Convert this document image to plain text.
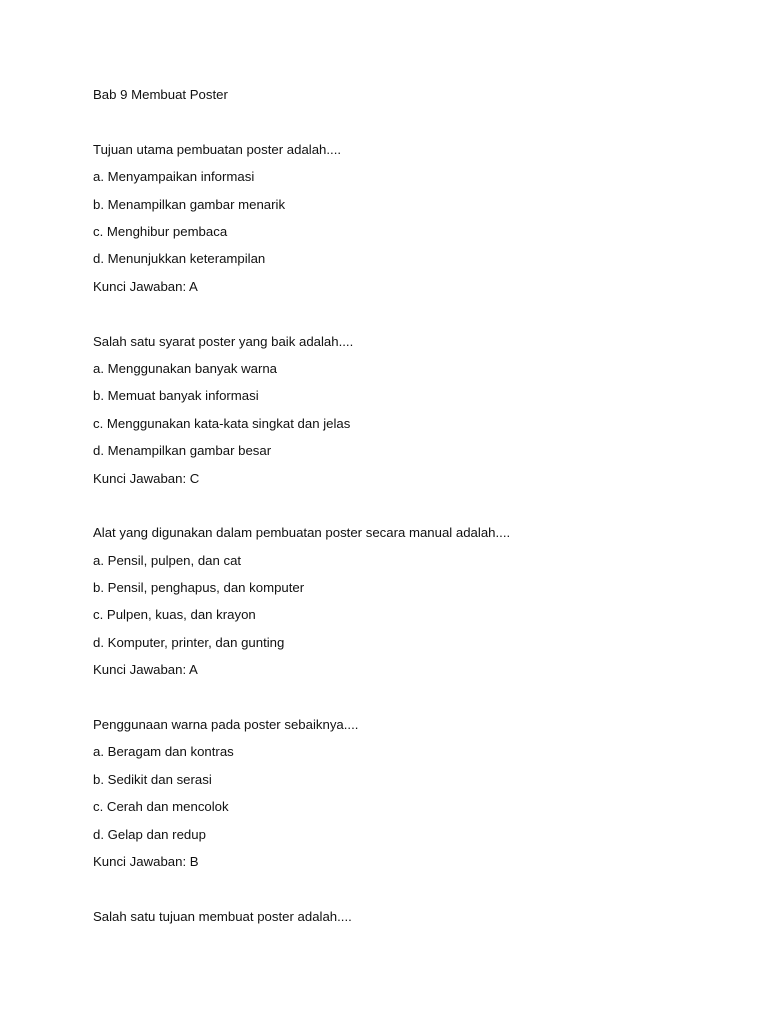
Bab 9 Membuat Poster
Tujuan utama pembuatan poster adalah....
a. Menyampaikan informasi
b. Menampilkan gambar menarik
c. Menghibur pembaca
d. Menunjukkan keterampilan
Kunci Jawaban: A
Salah satu syarat poster yang baik adalah....
a. Menggunakan banyak warna
b. Memuat banyak informasi
c. Menggunakan kata-kata singkat dan jelas
d. Menampilkan gambar besar
Kunci Jawaban: C
Alat yang digunakan dalam pembuatan poster secara manual adalah....
a. Pensil, pulpen, dan cat
b. Pensil, penghapus, dan komputer
c. Pulpen, kuas, dan krayon
d. Komputer, printer, dan gunting
Kunci Jawaban: A
Penggunaan warna pada poster sebaiknya....
a. Beragam dan kontras
b. Sedikit dan serasi
c. Cerah dan mencolok
d. Gelap dan redup
Kunci Jawaban: B
Salah satu tujuan membuat poster adalah....
